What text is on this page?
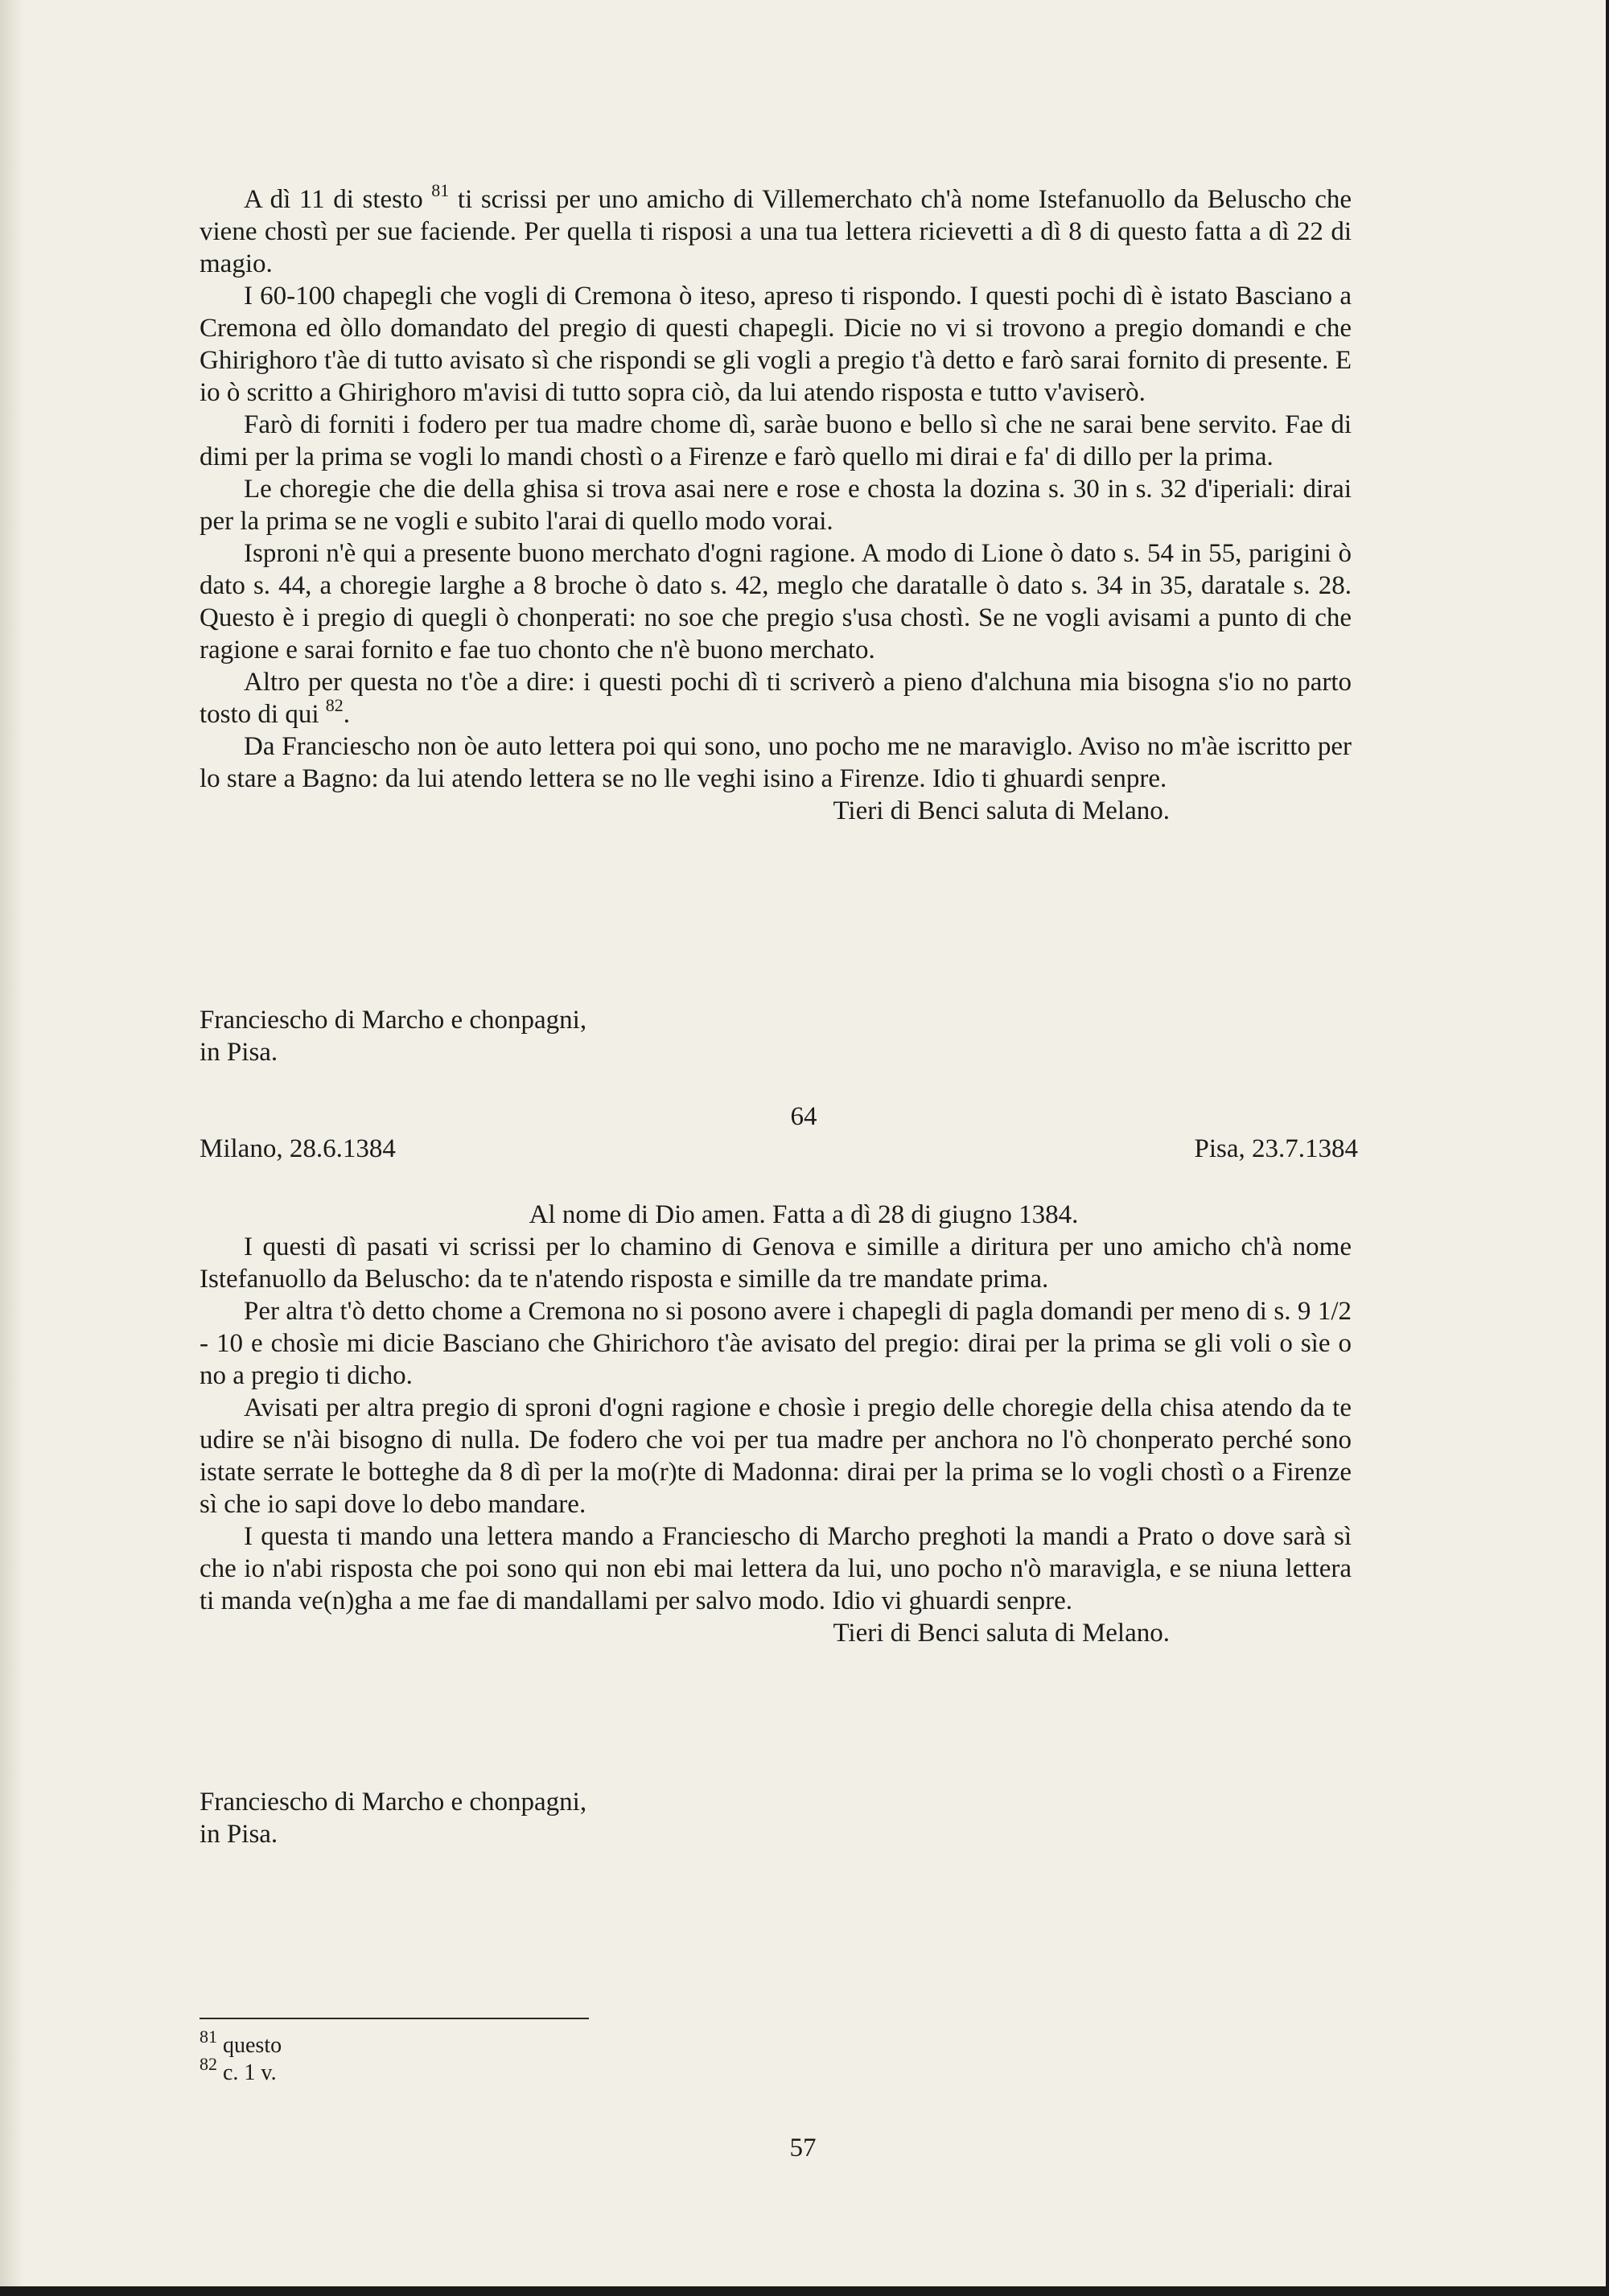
A dì 11 di stesto $^{81}$ ti scrissi per uno amicho di Villemerchato ch'à nome Istefanuollo da Beluscho che viene chostì per sue faciende. Per quella ti risposi a una tua lettera ricievetti a dì 8 di questo fatta a dì 22 di magio.

I 60-100 chapegli che vogli di Cremona ò iteso, apreso ti rispondo. I questi pochi dì è istato Basciano a Cremona ed òllo domandato del pregio di questi chapegli. Dicie no vi si trovono a pregio domandi e che Ghirighoro t'àe di tutto avisato sì che rispondi se gli vogli a pregio t'à detto e farò sarai fornito di presente. E io ò scritto a Ghirighoro m'avisi di tutto sopra ciò, da lui atendo risposta e tutto v'aviserò.

Farò di forniti i fodero per tua madre chome dì, saràe buono e bello sì che ne sarai bene servito. Fae di dimi per la prima se vogli lo mandi chostì o a Firenze e farò quello mi dirai e fa' di dillo per la prima.

Le choregie che die della ghisa si trova asai nere e rose e chosta la dozina s. 30 in s. 32 d'iperiali: dirai per la prima se ne vogli e subito l'arai di quello modo vorai.

Isproni n'è qui a presente buono merchato d'ogni ragione. A modo di Lione ò dato s. 54 in 55, parigini ò dato s. 44, a choregie larghe a 8 broche ò dato s. 42, meglo che daratalle ò dato s. 34 in 35, daratale s. 28. Questo è i pregio di quegli ò chonperati: no soe che pregio s'usa chostì. Se ne vogli avisami a punto di che ragione e sarai fornito e fae tuo chonto che n'è buono merchato.

Altro per questa no t'òe a dire: i questi pochi dì ti scriverò a pieno d'alchuna mia bisogna s'io no parto tosto di qui $^{82}$.

Da Franciescho non òe auto lettera poi qui sono, uno pocho me ne maraviglo. Aviso no m'àe iscritto per lo stare a Bagno: da lui atendo lettera se no lle veghi isino a Firenze. Idio ti ghuardi senpre.

Tieri di Benci saluta di Melano.

Franciescho di Marcho e chonpagni,

in Pisa.

64
Milano, 28.6.1384	Pisa, 23.7.1384
Al nome di Dio amen. Fatta a dì 28 di giugno 1384.

I questi dì pasati vi scrissi per lo chamino di Genova e simille a diritura per uno amicho ch'à nome Istefanuollo da Beluscho: da te n'atendo risposta e simille da tre mandate prima.

Per altra t'ò detto chome a Cremona no si posono avere i chapegli di pagla domandi per meno di s. 9 1/2 - 10 e chosìe mi dicie Basciano che Ghirichoro t'àe avisato del pregio: dirai per la prima se gli voli o sìe o no a pregio ti dicho.

Avisati per altra pregio di sproni d'ogni ragione e chosìe i pregio delle choregie della chisa atendo da te udire se n'ài bisogno di nulla. De fodero che voi per tua madre per anchora no l'ò chonperato perché sono istate serrate le botteghe da 8 dì per la mo(r)te di Madonna: dirai per la prima se lo vogli chostì o a Firenze sì che io sapi dove lo debo mandare.

I questa ti mando una lettera mando a Franciescho di Marcho preghoti la mandi a Prato o dove sarà sì che io n'abi risposta che poi sono qui non ebi mai lettera da lui, uno pocho n'ò maravigla, e se niuna lettera ti manda ve(n)gha a me fae di mandallami per salvo modo. Idio vi ghuardi senpre.

Tieri di Benci saluta di Melano.

Franciescho di Marcho e chonpagni,

in Pisa.

$^{81}$ questo
$^{82}$ c. 1 v.
57
